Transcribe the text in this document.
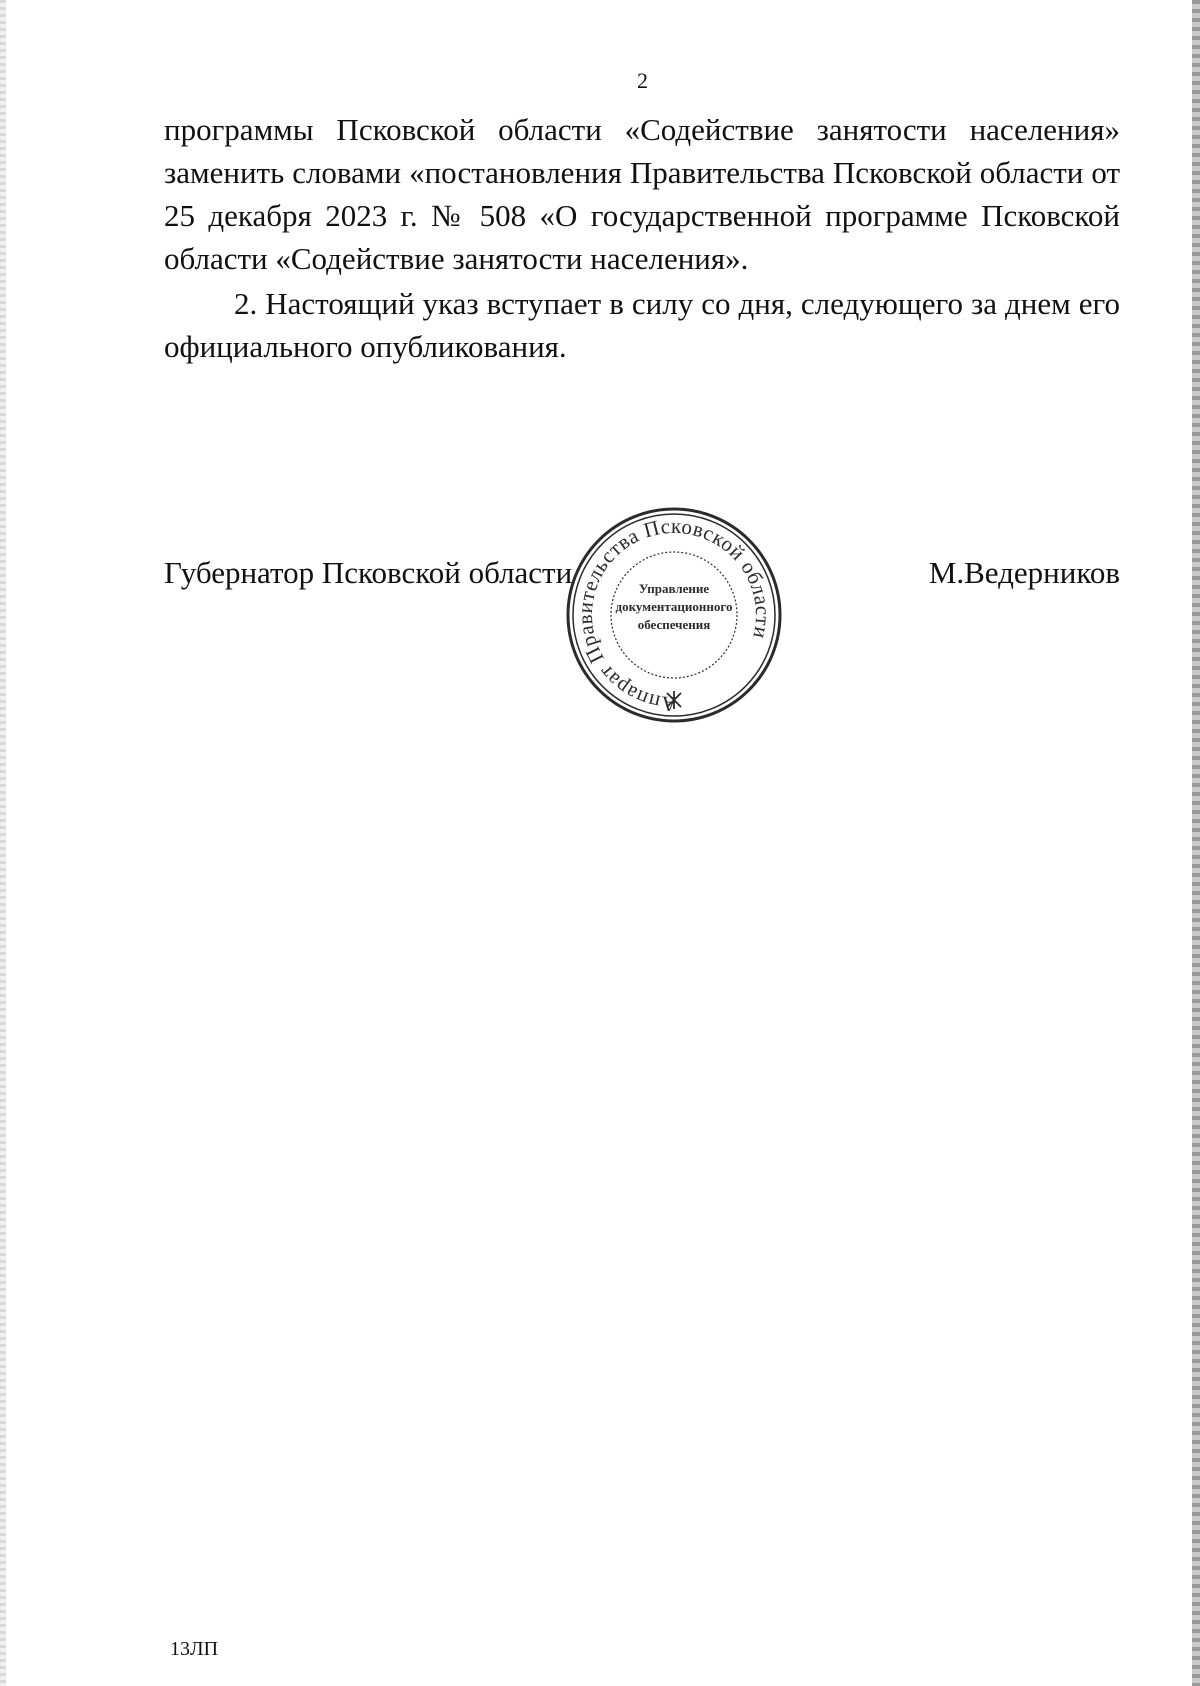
2

программы Псковской области «Содействие занятости населения» заменить словами «постановления Правительства Псковской области от 25 декабря 2023 г. № 508 «О государственной программе Псковской области «Содействие занятости населения».

2. Настоящий указ вступает в силу со дня, следующего за днем его официального опубликования.

Губернатор Псковской области	М.Ведерников
Аппарат Правительства Псковской области
Управление
документационного
обеспечения
13ЛП
